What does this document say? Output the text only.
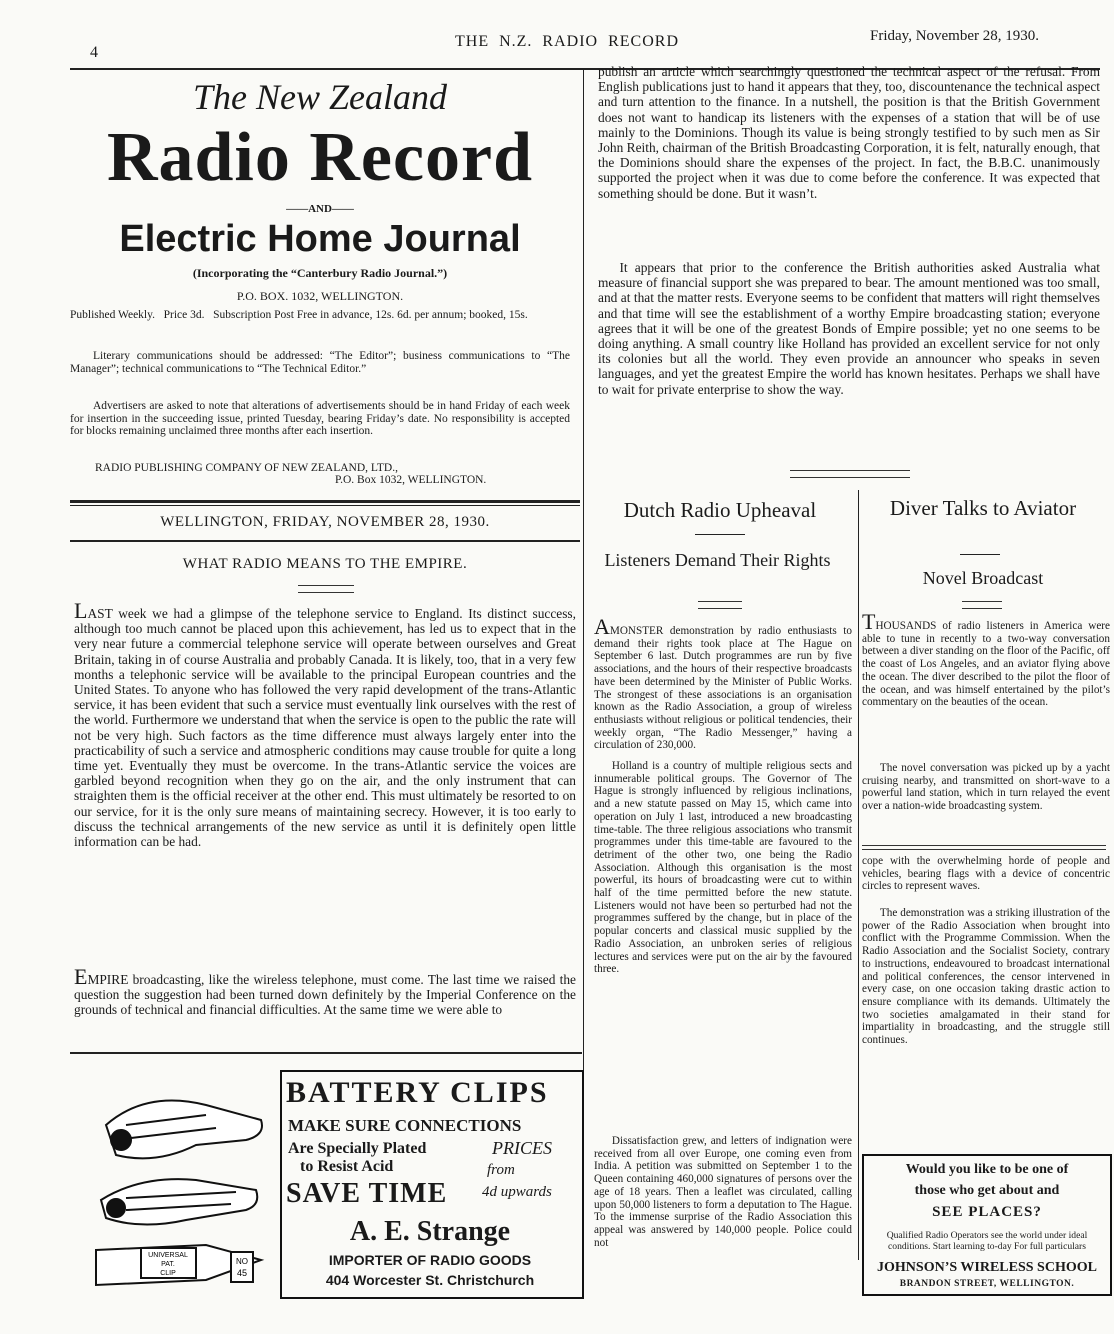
4
THE  N.Z.  RADIO  RECORD	Friday, November 28, 1930.
The New Zealand
Radio Record
——AND——
Electric Home Journal
(Incorporating the “Canterbury Radio Journal.”)
P.O. BOX. 1032, WELLINGTON.
Published Weekly. Price 3d. Subscription Post Free in advance, 12s. 6d. per annum; booked, 15s.
Literary communications should be addressed: “The Editor”; business communications to “The Manager”; technical communications to “The Technical Editor.”
Advertisers are asked to note that alterations of advertisements should be in hand Friday of each week for insertion in the succeeding issue, printed Tuesday, bearing Friday’s date. No responsibility is accepted for blocks remaining unclaimed three months after each insertion.
RADIO PUBLISHING COMPANY OF NEW ZEALAND, LTD.,
P.O. Box 1032, WELLINGTON.
WELLINGTON, FRIDAY, NOVEMBER 28, 1930.
WHAT RADIO MEANS TO THE EMPIRE.
LAST week we had a glimpse of the telephone service to England. Its distinct success, although too much cannot be placed upon this achievement, has led us to expect that in the very near future a commercial telephone service will operate between ourselves and Great Britain, taking in of course Australia and probably Canada. It is likely, too, that in a very few months a telephonic service will be available to the principal European countries and the United States. To anyone who has followed the very rapid development of the trans-Atlantic service, it has been evident that such a service must eventually link ourselves with the rest of the world. Furthermore we understand that when the service is open to the public the rate will not be very high. Such factors as the time difference must always largely enter into the practicability of such a service and atmospheric conditions may cause trouble for quite a long time yet. Eventually they must be overcome. In the trans-Atlantic service the voices are garbled beyond recognition when they go on the air, and the only instrument that can straighten them is the official receiver at the other end. This must ultimately be resorted to on our service, for it is the only sure means of maintaining secrecy. However, it is too early to discuss the technical arrangements of the new service as until it is definitely open little information can be had.
EMPIRE broadcasting, like the wireless telephone, must come. The last time we raised the question the suggestion had been turned down definitely by the Imperial Conference on the grounds of technical and financial difficulties. At the same time we were able to
publish an article which searchingly questioned the technical aspect of the refusal. From English publications just to hand it appears that they, too, discountenance the technical aspect and turn attention to the finance. In a nutshell, the position is that the British Government does not want to handicap its listeners with the expenses of a station that will be of use mainly to the Dominions. Though its value is being strongly testified to by such men as Sir John Reith, chairman of the British Broadcasting Corporation, it is felt, naturally enough, that the Dominions should share the expenses of the project. In fact, the B.B.C. unanimously supported the project when it was due to come before the conference. It was expected that something should be done. But it wasn’t.
It appears that prior to the conference the British authorities asked Australia what measure of financial support she was prepared to bear. The amount mentioned was too small, and at that the matter rests. Everyone seems to be confident that matters will right themselves and that time will see the establishment of a worthy Empire broadcasting station; everyone agrees that it will be one of the greatest Bonds of Empire possible; yet no one seems to be doing anything. A small country like Holland has provided an excellent service for not only its colonies but all the world. They even provide an announcer who speaks in seven languages, and yet the greatest Empire the world has known hesitates. Perhaps we shall have to wait for private enterprise to show the way.
Dutch Radio Upheaval
Listeners Demand Their Rights
AMONSTER demonstration by radio enthusiasts to demand their rights took place at The Hague on September 6 last. Dutch programmes are run by five associations, and the hours of their respective broadcasts have been determined by the Minister of Public Works. The strongest of these associations is an organisation known as the Radio Association, a group of wireless enthusiasts without religious or political tendencies, their weekly organ, “The Radio Messenger,” having a circulation of 230,000.
Holland is a country of multiple religious sects and innumerable political groups. The Governor of The Hague is strongly influenced by religious inclinations, and a new statute passed on May 15, which came into operation on July 1 last, introduced a new broadcasting time-table. The three religious associations who transmit programmes under this time-table are favoured to the detriment of the other two, one being the Radio Association. Although this organisation is the most powerful, its hours of broadcasting were cut to within half of the time permitted before the new statute. Listeners would not have been so perturbed had not the programmes suffered by the change, but in place of the popular concerts and classical music supplied by the Radio Association, an unbroken series of religious lectures and services were put on the air by the favoured three.
Dissatisfaction grew, and letters of indignation were received from all over Europe, one coming even from India. A petition was submitted on September 1 to the Queen containing 460,000 signatures of persons over the age of 18 years. Then a leaflet was circulated, calling upon 50,000 listeners to form a deputation to The Hague. To the immense surprise of the Radio Association this appeal was answered by 140,000 people. Police could not
Diver Talks to Aviator
Novel Broadcast
THOUSANDS of radio listeners in America were able to tune in recently to a two-way conversation between a diver standing on the floor of the Pacific, off the coast of Los Angeles, and an aviator flying above the ocean. The diver described to the pilot the floor of the ocean, and was himself entertained by the pilot’s commentary on the beauties of the ocean.
The novel conversation was picked up by a yacht cruising nearby, and transmitted on short-wave to a powerful land station, which in turn relayed the event over a nation-wide broadcasting system.
cope with the overwhelming horde of people and vehicles, bearing flags with a device of concentric circles to represent waves.
The demonstration was a striking illustration of the power of the Radio Association when brought into conflict with the Programme Commission. When the Radio Association and the Socialist Society, contrary to instructions, endeavoured to broadcast international and political conferences, the censor intervened in every case, on one occasion taking drastic action to ensure compliance with its demands. Ultimately the two societies amalgamated in their stand for impartiality in broadcasting, and the struggle still continues.
UNIVERSAL
PAT.
CLIP
NO
45
BATTERY CLIPS
MAKE SURE CONNECTIONS
Are Specially Plated
to Resist Acid
PRICES
from
4d upwards
SAVE TIME
A. E. Strange
IMPORTER OF RADIO GOODS
404 Worcester St. Christchurch
Would you like to be one of
those who get about and
SEE PLACES?
Qualified Radio Operators see the world under ideal conditions. Start learning to-day For full particulars
JOHNSON’S WIRELESS SCHOOL
BRANDON STREET, WELLINGTON.
